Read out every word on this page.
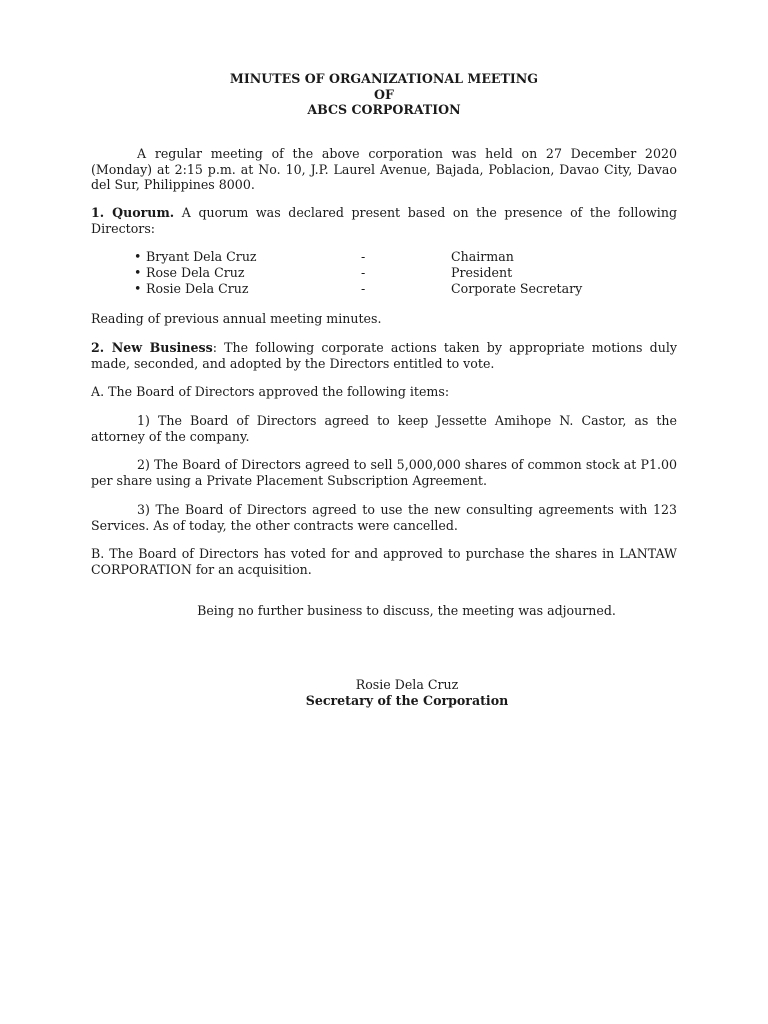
MINUTES OF ORGANIZATIONAL MEETING
OF
ABCS CORPORATION

A regular meeting of the above corporation was held on 27 December 2020 (Monday) at 2:15 p.m. at No. 10, J.P. Laurel Avenue, Bajada, Poblacion, Davao City, Davao del Sur, Philippines 8000.

1. Quorum. A quorum was declared present based on the presence of the following Directors:

• Bryant Dela Cruz	-	Chairman
• Rose Dela Cruz	-	President
• Rosie Dela Cruz	-	Corporate Secretary

Reading of previous annual meeting minutes.

2. New Business: The following corporate actions taken by appropriate motions duly made, seconded, and adopted by the Directors entitled to vote.

A. The Board of Directors approved the following items:

1) The Board of Directors agreed to keep Jessette Amihope N. Castor, as the attorney of the company.

2) The Board of Directors agreed to sell 5,000,000 shares of common stock at P1.00 per share using a Private Placement Subscription Agreement.

3) The Board of Directors agreed to use the new consulting agreements with 123 Services. As of today, the other contracts were cancelled.

B. The Board of Directors has voted for and approved to purchase the shares in LANTAW CORPORATION for an acquisition.

Being no further business to discuss, the meeting was adjourned.
Rosie Dela Cruz
Secretary of the Corporation
